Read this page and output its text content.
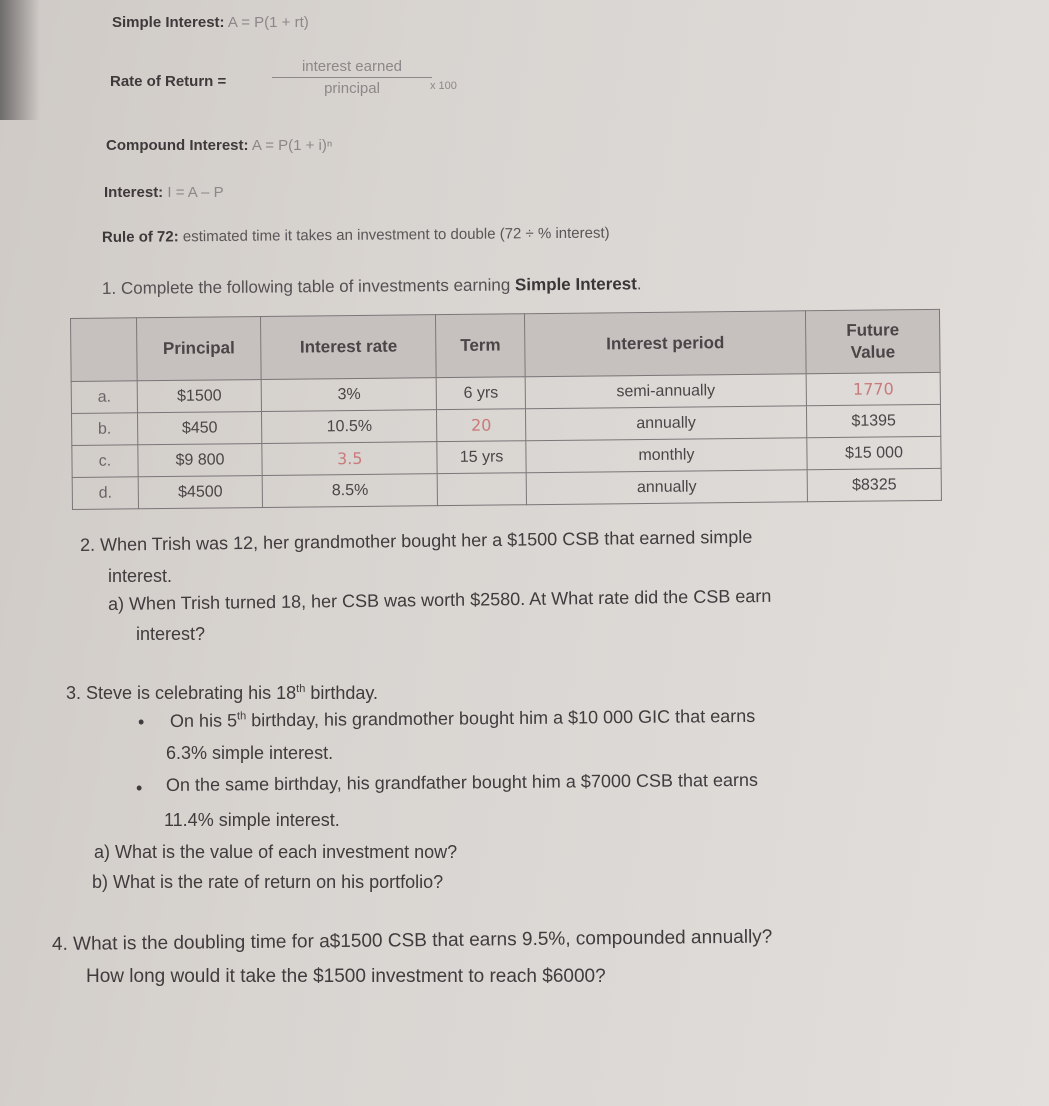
Simple Interest: A = P(1 + rt)
Rate of Return =
interest earned
principal	x 100
Compound Interest: A = P(1 + i)ⁿ
Interest: I = A – P
Rule of 72: estimated time it takes an investment to double (72 ÷ % interest)
1. Complete the following table of investments earning Simple Interest.
	Principal	Interest rate	Term	Interest period	Future Value
a.	$1500	3%	6 yrs	semi-annually	1770
b.	$450	10.5%	20	annually	$1395
c.	$9 800	3.5	15 yrs	monthly	$15 000
d.	$4500	8.5%		annually	$8325
2. When Trish was 12, her grandmother bought her a $1500 CSB that earned simple
interest.
a) When Trish turned 18, her CSB was worth $2580. At What rate did the CSB earn
interest?
3. Steve is celebrating his 18th birthday.
• On his 5th birthday, his grandmother bought him a $10 000 GIC that earns
6.3% simple interest.
• On the same birthday, his grandfather bought him a $7000 CSB that earns
11.4% simple interest.
a) What is the value of each investment now?
b) What is the rate of return on his portfolio?
4. What is the doubling time for a$1500 CSB that earns 9.5%, compounded annually?
How long would it take the $1500 investment to reach $6000?
